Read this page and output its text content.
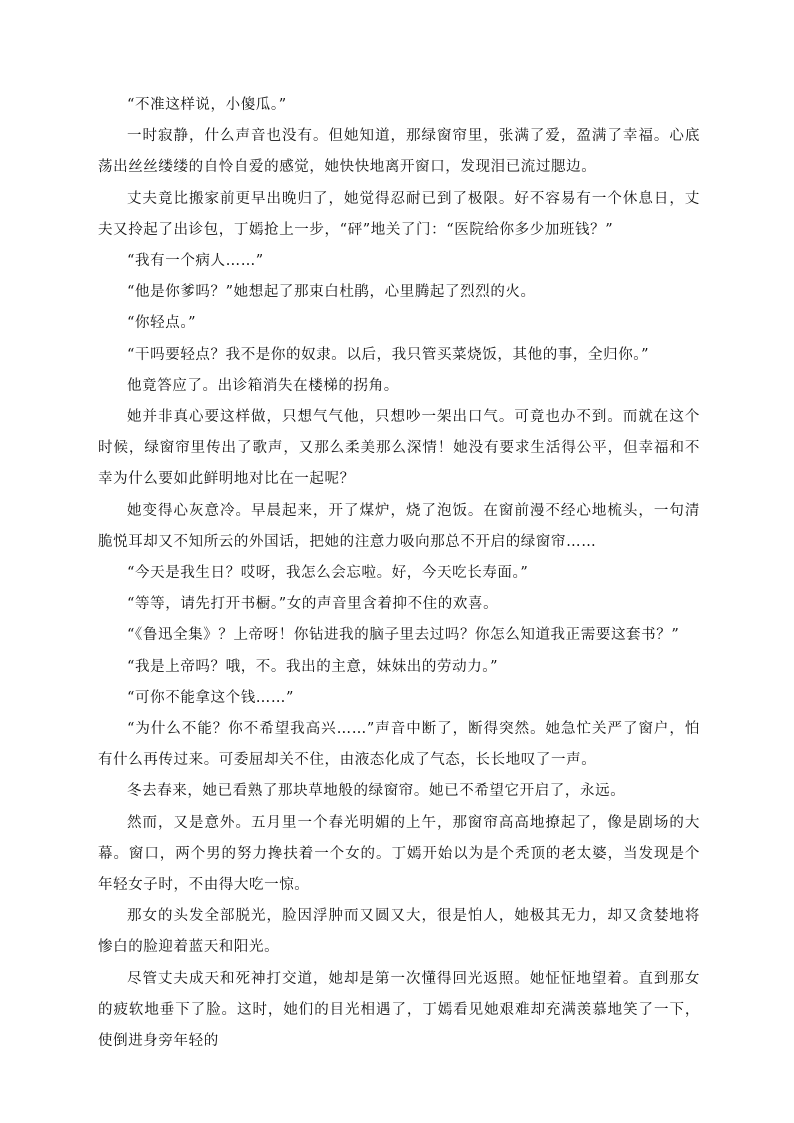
“不准这样说，小傻瓜。”

一时寂静，什么声音也没有。但她知道，那绿窗帘里，张满了爱，盈满了幸福。心底荡出丝丝缕缕的自怜自爱的感觉，她快快地离开窗口，发现泪已流过腮边。

丈夫竟比搬家前更早出晚归了，她觉得忍耐已到了极限。好不容易有一个休息日，丈夫又拎起了出诊包，丁嫣抢上一步，“砰”地关了门：“医院给你多少加班钱？”

“我有一个病人……”

“他是你爹吗？”她想起了那束白杜鹃，心里腾起了烈烈的火。

“你轻点。”

“干吗要轻点？我不是你的奴隶。以后，我只管买菜烧饭，其他的事，全归你。”

他竟答应了。出诊箱消失在楼梯的拐角。

她并非真心要这样做，只想气气他，只想吵一架出口气。可竟也办不到。而就在这个时候，绿窗帘里传出了歌声，又那么柔美那么深情！她没有要求生活得公平，但幸福和不幸为什么要如此鲜明地对比在一起呢？

她变得心灰意冷。早晨起来，开了煤炉，烧了泡饭。在窗前漫不经心地梳头，一句清脆悦耳却又不知所云的外国话，把她的注意力吸向那总不开启的绿窗帘……

“今天是我生日？哎呀，我怎么会忘啦。好，今天吃长寿面。”

“等等，请先打开书橱。”女的声音里含着抑不住的欢喜。

“《鲁迅全集》？上帝呀！你钻进我的脑子里去过吗？你怎么知道我正需要这套书？”

“我是上帝吗？哦，不。我出的主意，妹妹出的劳动力。”

“可你不能拿这个钱……”

“为什么不能？你不希望我高兴……”声音中断了，断得突然。她急忙关严了窗户，怕有什么再传过来。可委屈却关不住，由液态化成了气态，长长地叹了一声。

冬去春来，她已看熟了那块草地般的绿窗帘。她已不希望它开启了，永远。

然而，又是意外。五月里一个春光明媚的上午，那窗帘高高地撩起了，像是剧场的大幕。窗口，两个男的努力搀扶着一个女的。丁嫣开始以为是个秃顶的老太婆，当发现是个年轻女子时，不由得大吃一惊。

那女的头发全部脱光，脸因浮肿而又圆又大，很是怕人，她极其无力，却又贪婪地将惨白的脸迎着蓝天和阳光。

尽管丈夫成天和死神打交道，她却是第一次懂得回光返照。她怔怔地望着。直到那女的疲软地垂下了脸。这时，她们的目光相遇了，丁嫣看见她艰难却充满羡慕地笑了一下，使倒进身旁年轻的
